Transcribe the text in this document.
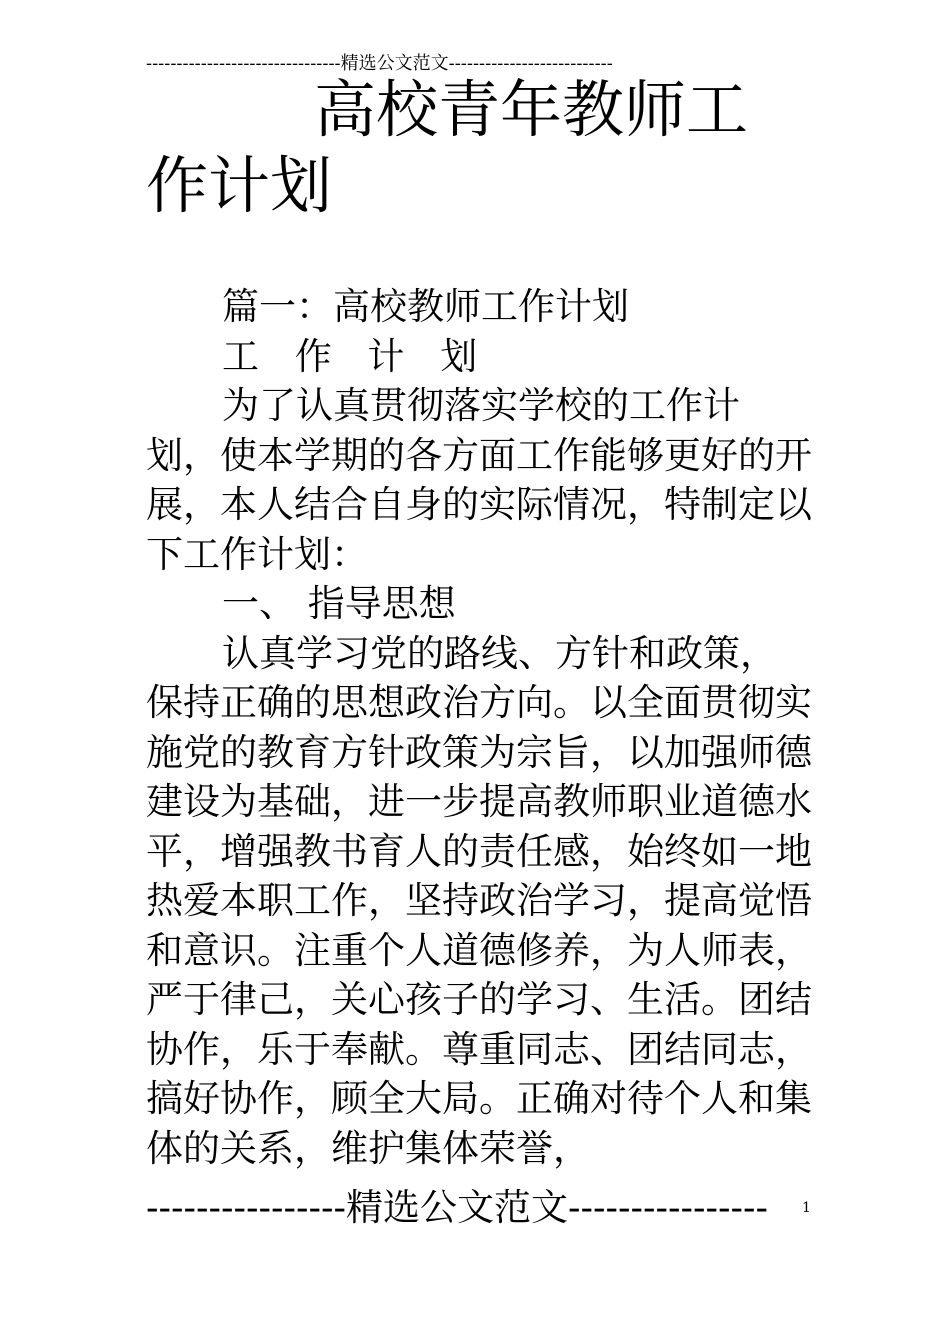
--------------------------------精选公文范文---------------------------
高校青年教师工作计划

篇一：高校教师工作计划

工 作 计 划

为了认真贯彻落实学校的工作计划，使本学期的各方面工作能够更好的开展，本人结合自身的实际情况，特制定以下工作计划：

一、 指导思想

认真学习党的路线、方针和政策，保持正确的思想政治方向。以全面贯彻实施党的教育方针政策为宗旨，以加强师德建设为基础，进一步提高教师职业道德水平，增强教书育人的责任感，始终如一地热爱本职工作，坚持政治学习，提高觉悟和意识。注重个人道德修养，为人师表，严于律己，关心孩子的学习、生活。团结协作，乐于奉献。尊重同志、团结同志，搞好协作，顾全大局。正确对待个人和集体的关系，维护集体荣誉，

----------------精选公文范文----------------	1
